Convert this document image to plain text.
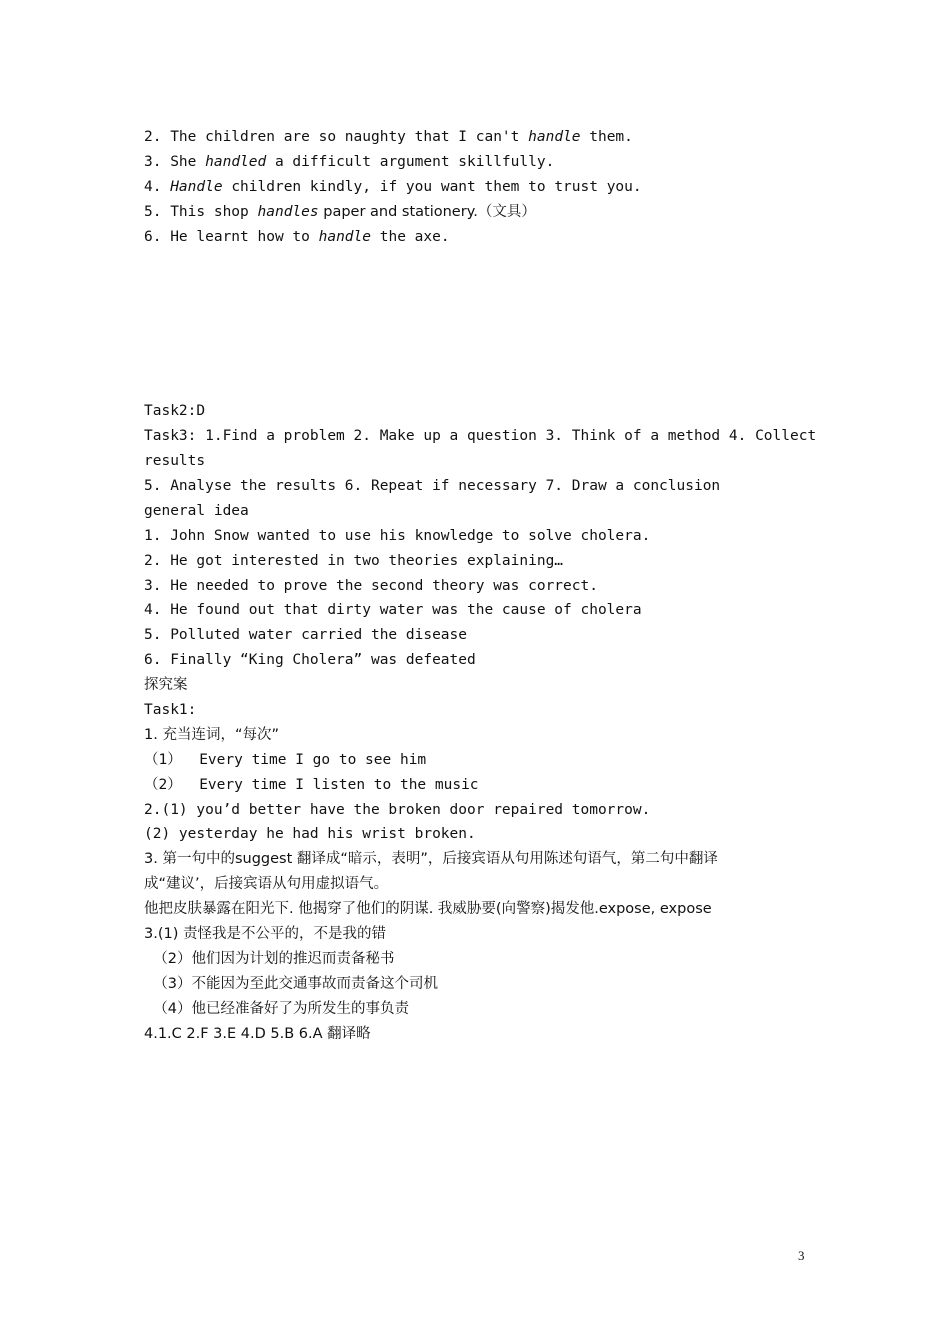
2. The children are so naughty that I can't handle them.
3. She handled a difficult argument skillfully.
4. Handle children kindly, if you want them to trust you.
5. This shop handles paper and stationery.（文具）
6. He learnt how to handle the axe.
Task2:D
Task3: 1.Find a problem 2. Make up a question 3. Think of a method 4. Collect
results
5. Analyse the results 6. Repeat if necessary 7. Draw a conclusion
general idea
1. John Snow wanted to use his knowledge to solve cholera.
2. He got interested in two theories explaining…
3. He needed to prove the second theory was correct.
4. He found out that dirty water was the cause of cholera
5. Polluted water carried the disease
6. Finally “King Cholera” was defeated
探究案
Task1:
1. 充当连词，“每次”
（1）  Every time I go to see him
（2）  Every time I listen to the music
2.(1) you’d better have the broken door repaired tomorrow.
(2) yesterday he had his wrist broken.
3. 第一句中的suggest 翻译成“暗示，表明”，后接宾语从句用陈述句语气，第二句中翻译
成“建议’，后接宾语从句用虚拟语气。
他把皮肤暴露在阳光下. 他揭穿了他们的阴谋. 我威胁要(向警察)揭发他.expose, expose
3.(1) 责怪我是不公平的，不是我的错
（2）他们因为计划的推迟而责备秘书
（3）不能因为至此交通事故而责备这个司机
（4）他已经准备好了为所发生的事负责
4.1.C 2.F 3.E 4.D 5.B 6.A 翻译略
3
